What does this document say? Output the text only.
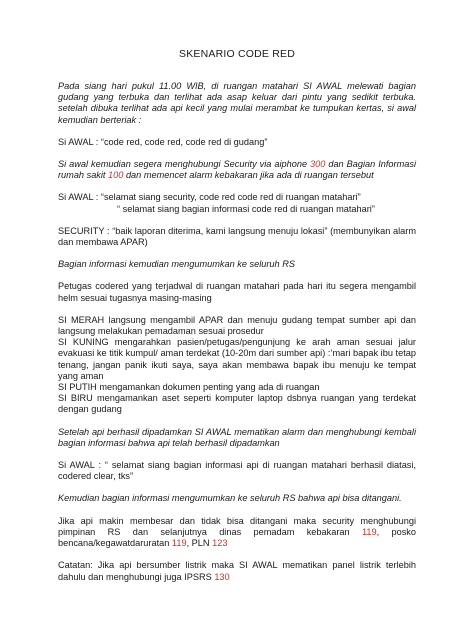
SKENARIO CODE RED

Pada siang hari pukul 11.00 WIB, di ruangan matahari SI AWAL melewati bagian gudang yang terbuka dan terlihat ada asap keluar dari pintu yang sedikit terbuka. setelah dibuka terlihat ada api kecil yang mulai merambat ke tumpukan kertas, si awal kemudian berteriak :

Si AWAL : “code red, code red, code red di gudang”

Si awal kemudian segera menghubungi Security via aiphone 300 dan Bagian Informasi rumah sakit 100 dan memencet alarm kebakaran jika ada di ruangan tersebut

Si AWAL : “selamat siang security, code red code red di ruangan matahari”
“ selamat siang bagian informasi code red di ruangan matahari”

SECURITY : “baik laporan diterima, kami langsung menuju lokasi” (membunyikan alarm dan membawa APAR)

Bagian informasi kemudian mengumumkan ke seluruh RS

Petugas codered yang terjadwal di ruangan matahari pada hari itu segera mengambil helm sesuai tugasnya masing-masing

SI MERAH langsung mengambil APAR dan menuju gudang tempat sumber api dan langsung melakukan pemadaman sesuai prosedur
SI KUNING mengarahkan pasien/petugas/pengunjung ke arah aman sesuai jalur evakuasi ke titik kumpul/ aman terdekat (10-20m dari sumber api) :’mari bapak ibu tetap tenang, jangan panik ikuti saya, saya akan membawa bapak ibu menuju ke tempat yang aman
SI PUTIH mengamankan dokumen penting yang ada di ruangan
SI BIRU mengamankan aset seperti komputer laptop dsbnya ruangan yang terdekat dengan gudang

Setelah api berhasil dipadamkan SI AWAL mematikan alarm dan menghubungi kembali bagian informasi bahwa api telah berhasil dipadamkan

Si AWAL : “ selamat siang bagian informasi api di ruangan matahari berhasil diatasi, codered clear, tks”

Kemudian bagian informasi mengumumkan ke seluruh RS bahwa api bisa ditangani.

Jika api makin membesar dan tidak bisa ditangani maka security menghubungi pimpinan RS dan selanjutnya dinas pemadam kebakaran 119, posko bencana/kegawatdaruratan 119, PLN 123

Catatan: Jika api bersumber listrik maka SI AWAL mematikan panel listrik terlebih dahulu dan menghubungi juga IPSRS 130
